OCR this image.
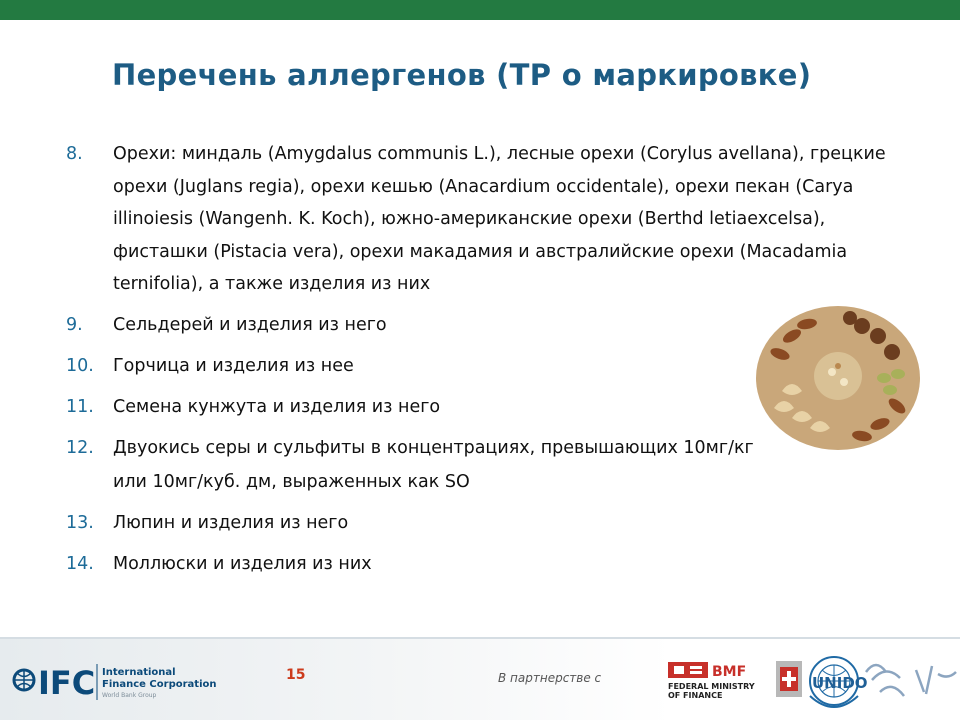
Перечень аллергенов (ТР о маркировке)
8. Орехи: миндаль (Amygdalus communis L.), лесные орехи (Corylus avellana), грецкие орехи (Juglans regia), орехи кешью (Anacardium occidentale), орехи пекан (Carya illinoiesis (Wangenh. K. Koch), южно-американские орехи (Berthd letiaexcelsa), фисташки (Pistacia vera), орехи макадамия и австралийские орехи (Macadamia ternifolia), а также изделия из них
9. Сельдерей и изделия из него
10. Горчица и изделия из нее
11. Семена кунжута и изделия из него
12. Двуокись серы и сульфиты в концентрациях, превышающих 10мг/кг или 10мг/куб. дм, выраженных как SO
13. Люпин и изделия из него
14. Моллюски и изделия из них
IFC International
Finance Corporation
World Bank Group
15	В партнерстве с	BMF
FEDERAL MINISTRY
OF FINANCE
UNIDO
